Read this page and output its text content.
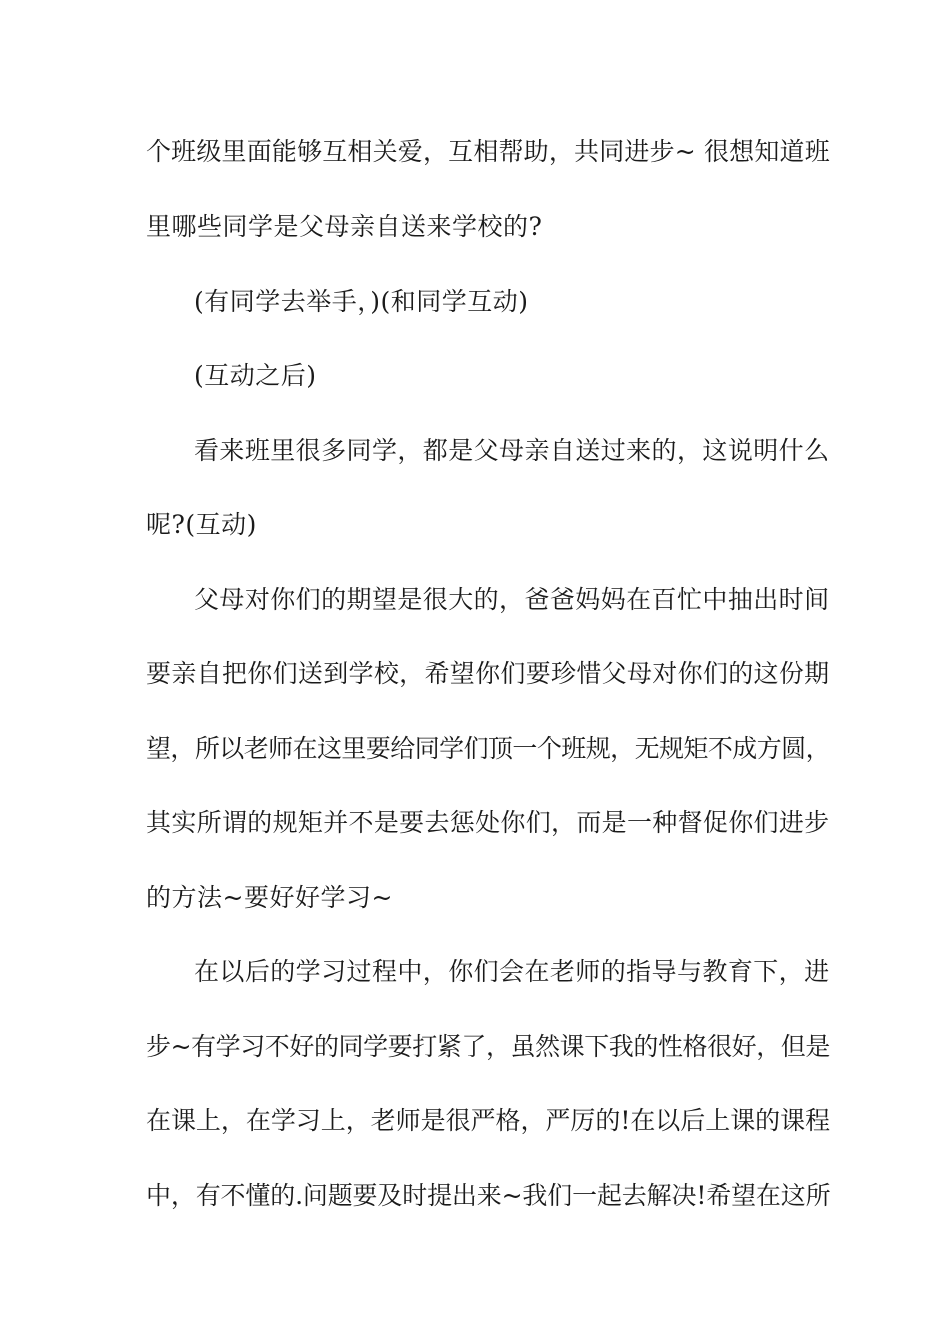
个班级里面能够互相关爱，互相帮助，共同进步~ 很想知道班
里哪些同学是父母亲自送来学校的?
(有同学去举手，)(和同学互动)
(互动之后)
看来班里很多同学，都是父母亲自送过来的，这说明什么
呢?(互动)
父母对你们的期望是很大的，爸爸妈妈在百忙中抽出时间
要亲自把你们送到学校，希望你们要珍惜父母对你们的这份期
望，所以老师在这里要给同学们顶一个班规，无规矩不成方圆，
其实所谓的规矩并不是要去惩处你们，而是一种督促你们进步
的方法~要好好学习~
在以后的学习过程中，你们会在老师的指导与教育下，进
步~有学习不好的同学要打紧了，虽然课下我的性格很好，但是
在课上，在学习上，老师是很严格，严厉的!在以后上课的课程
中，有不懂的.问题要及时提出来~我们一起去解决!希望在这所
